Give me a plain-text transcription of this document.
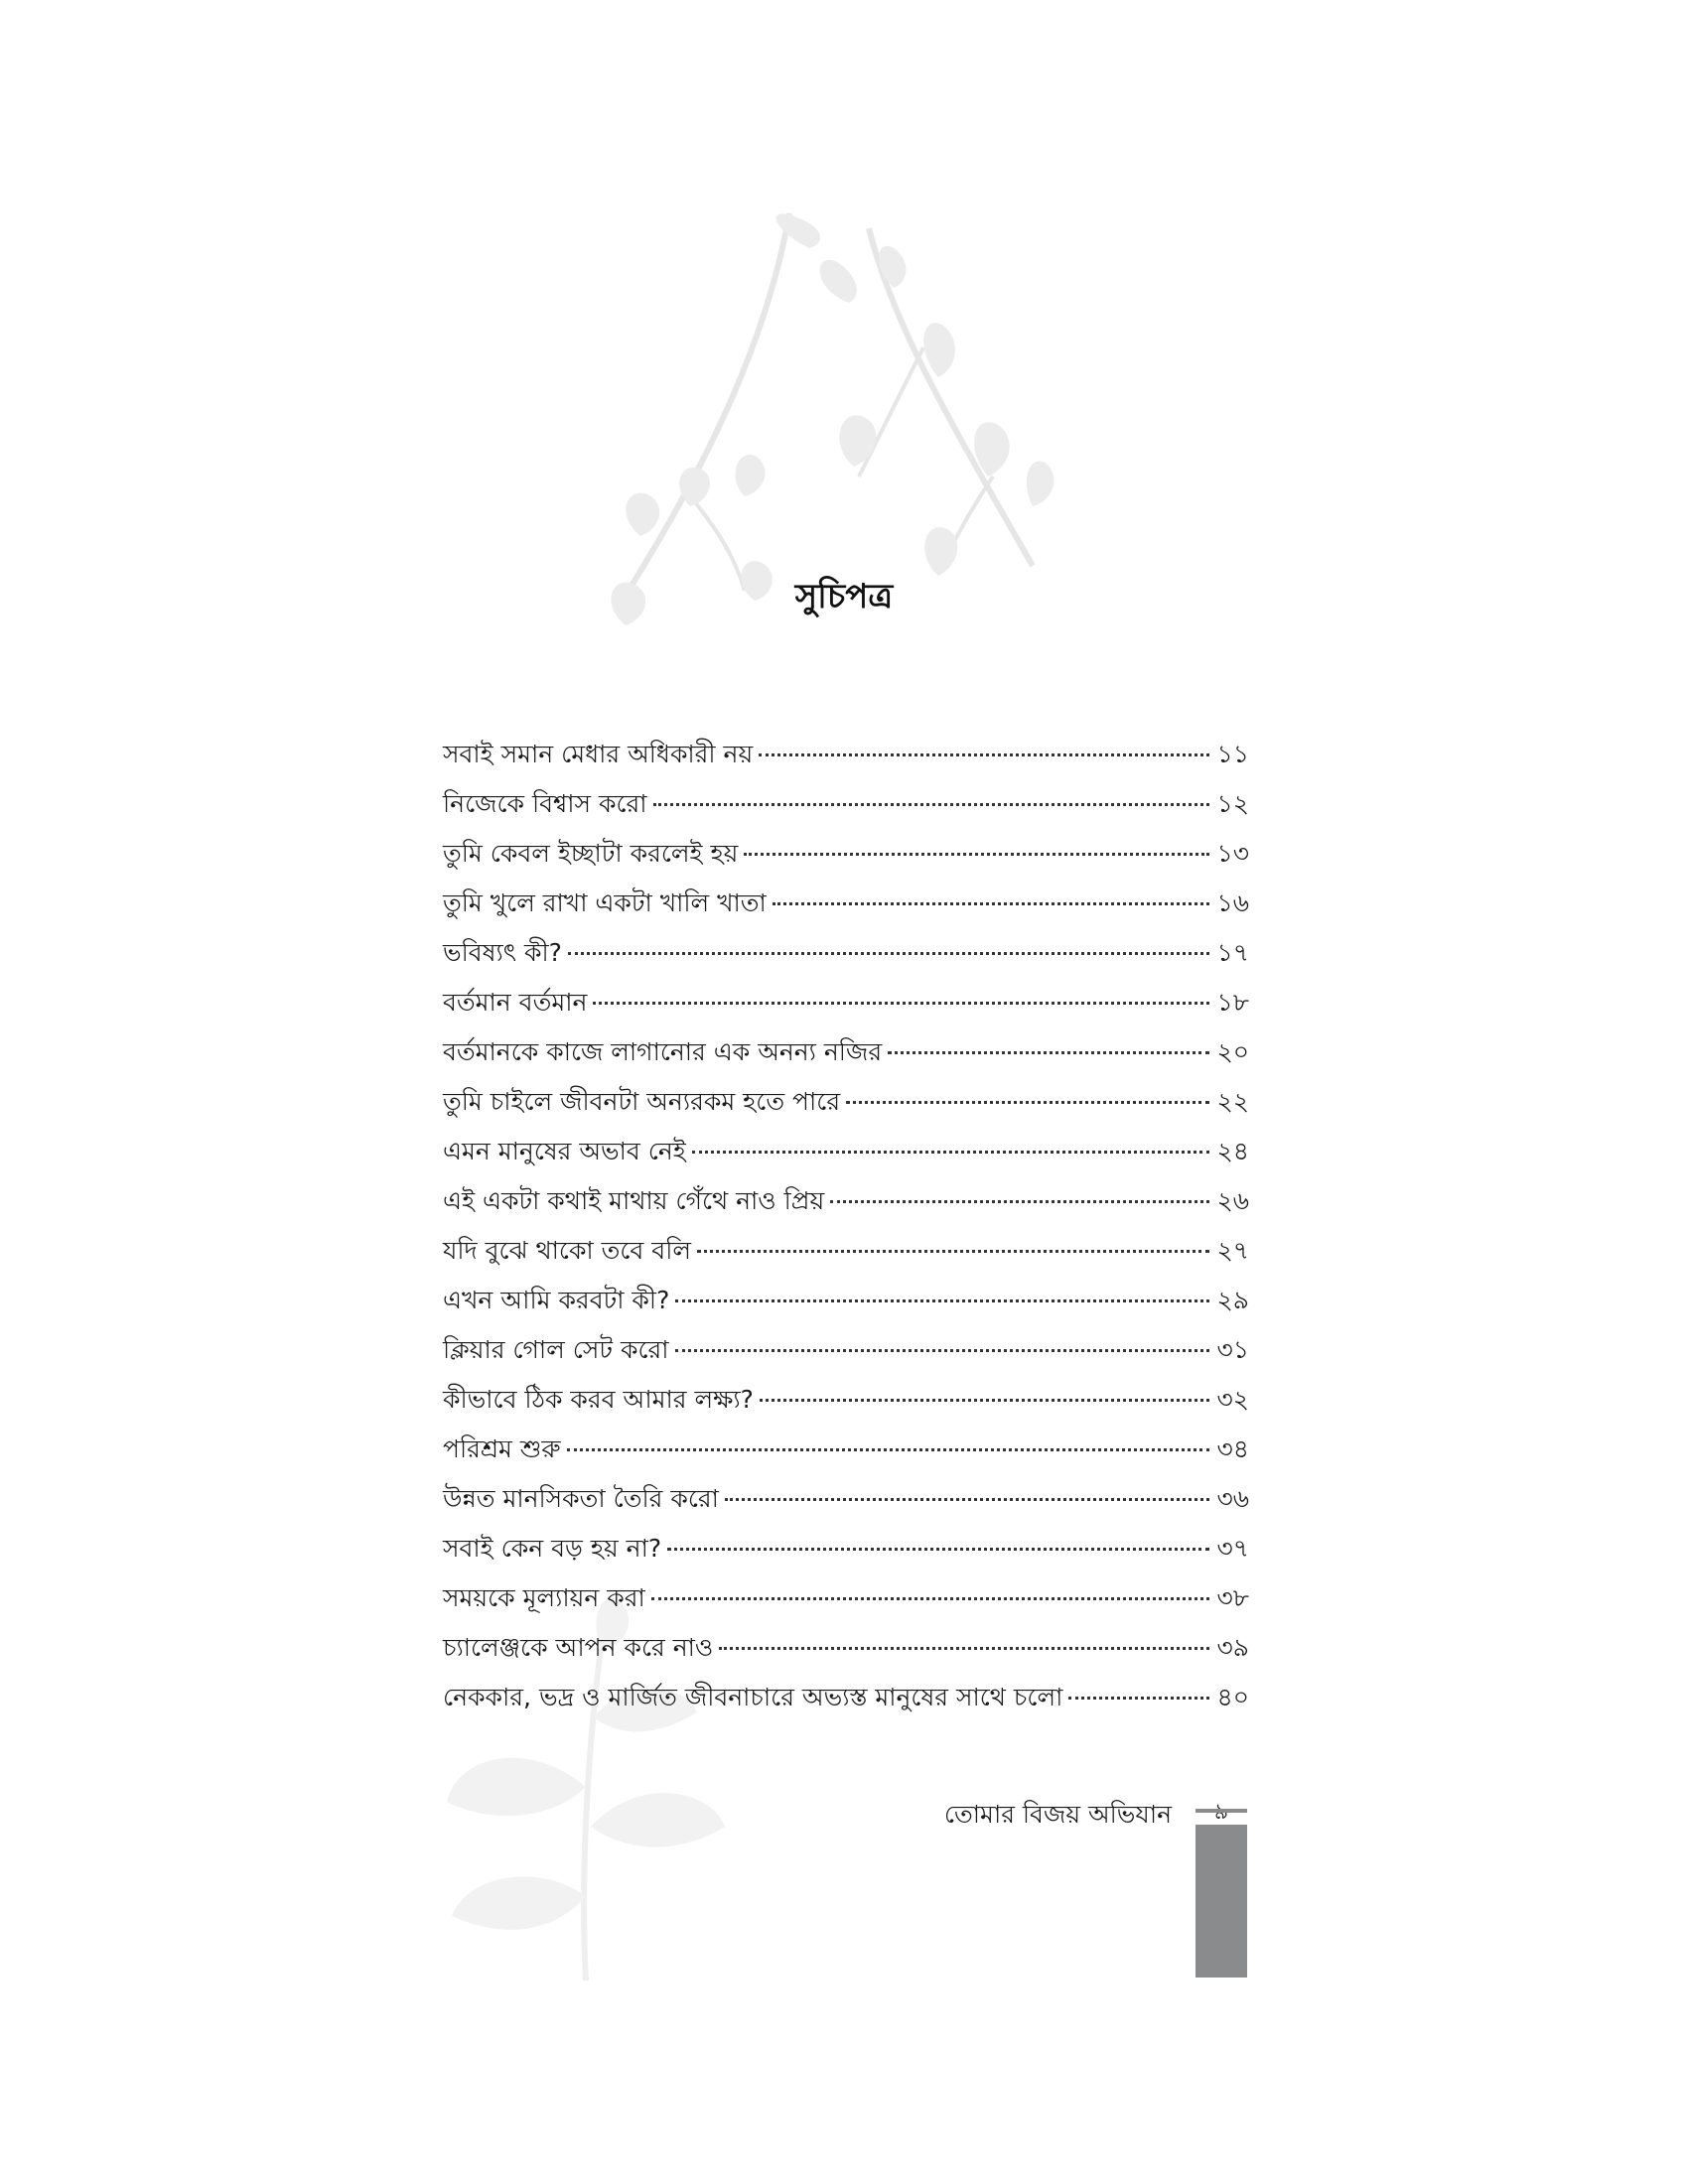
সুচিপত্র
সবাই সমান মেধার অধিকারী নয়	১১
নিজেকে বিশ্বাস করো	১২
তুমি কেবল ইচ্ছাটা করলেই হয়	১৩
তুমি খুলে রাখা একটা খালি খাতা	১৬
ভবিষ্যৎ কী?	১৭
বর্তমান বর্তমান	১৮
বর্তমানকে কাজে লাগানোর এক অনন্য নজির	২০
তুমি চাইলে জীবনটা অন্যরকম হতে পারে	২২
এমন মানুষের অভাব নেই	২৪
এই একটা কথাই মাথায় গেঁথে নাও প্রিয়	২৬
যদি বুঝে থাকো তবে বলি	২৭
এখন আমি করবটা কী?	২৯
ক্লিয়ার গোল সেট করো	৩১
কীভাবে ঠিক করব আমার লক্ষ্য?	৩২
পরিশ্রম শুরু	৩৪
উন্নত মানসিকতা তৈরি করো	৩৬
সবাই কেন বড় হয় না?	৩৭
সময়কে মূল্যায়ন করা	৩৮
চ্যালেঞ্জকে আপন করে নাও	৩৯
নেককার, ভদ্র ও মার্জিত জীবনাচারে অভ্যস্ত মানুষের সাথে চলো	৪০
তোমার বিজয় অভিযান
